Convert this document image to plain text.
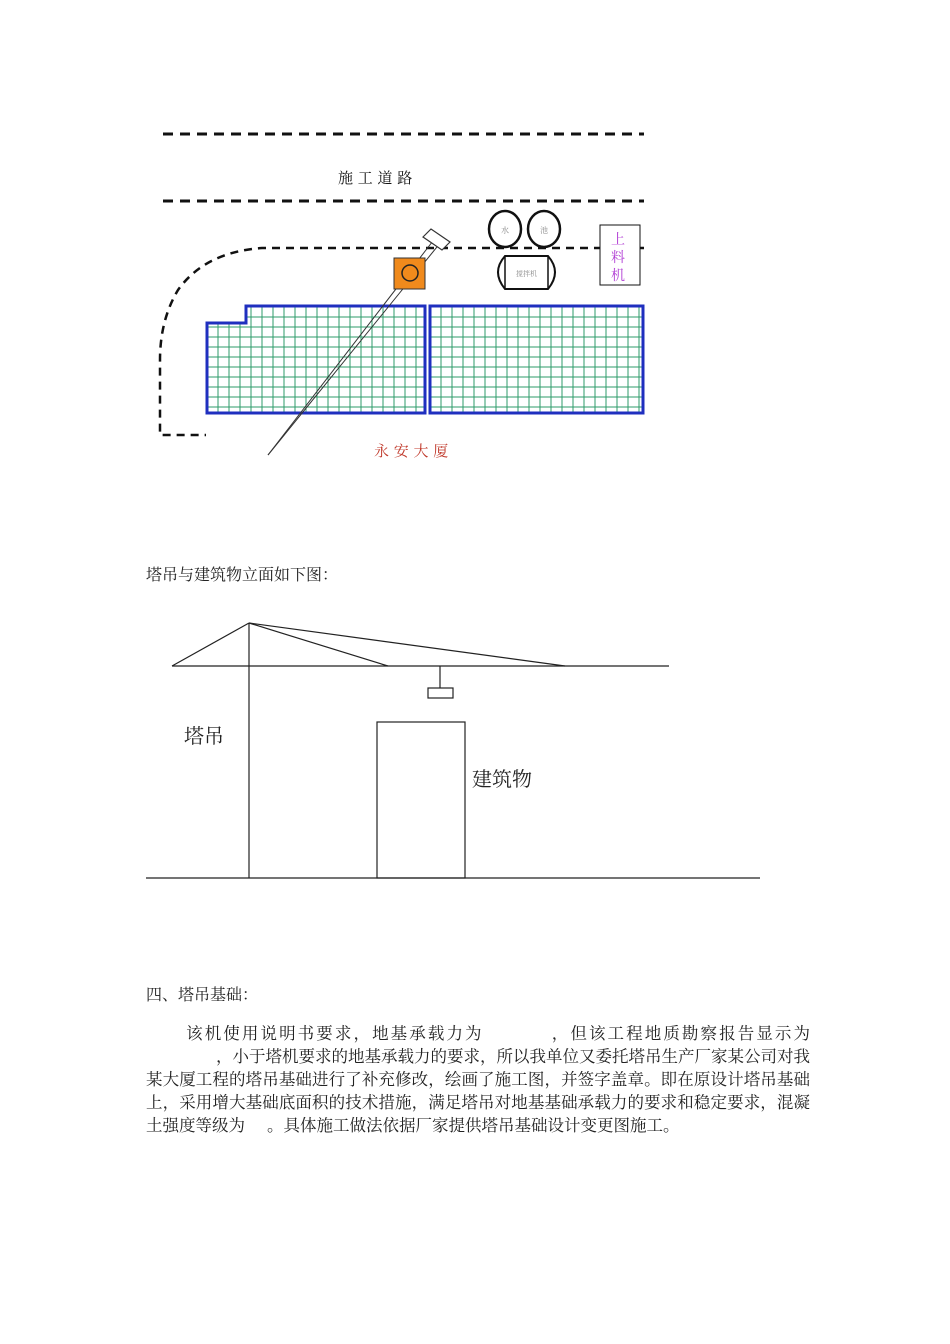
施 工 道 路
水	池
搅拌机
上
料
机
永 安 大 厦
塔吊与建筑物立面如下图：
塔吊
建筑物
四、塔吊基础：
该机使用说明书要求，地基承载力为	，但该工程地质勘察报告显示为，小于塔机要求的地基承载力的要求，所以我单位又委托塔吊生产厂家某公司对我某大厦工程的塔吊基础进行了补充修改，绘画了施工图，并签字盖章。即在原设计塔吊基础上，采用增大基础底面积的技术措施，满足塔吊对地基基础承载力的要求和稳定要求，混凝土强度等级为 。具体施工做法依据厂家提供塔吊基础设计变更图施工。
